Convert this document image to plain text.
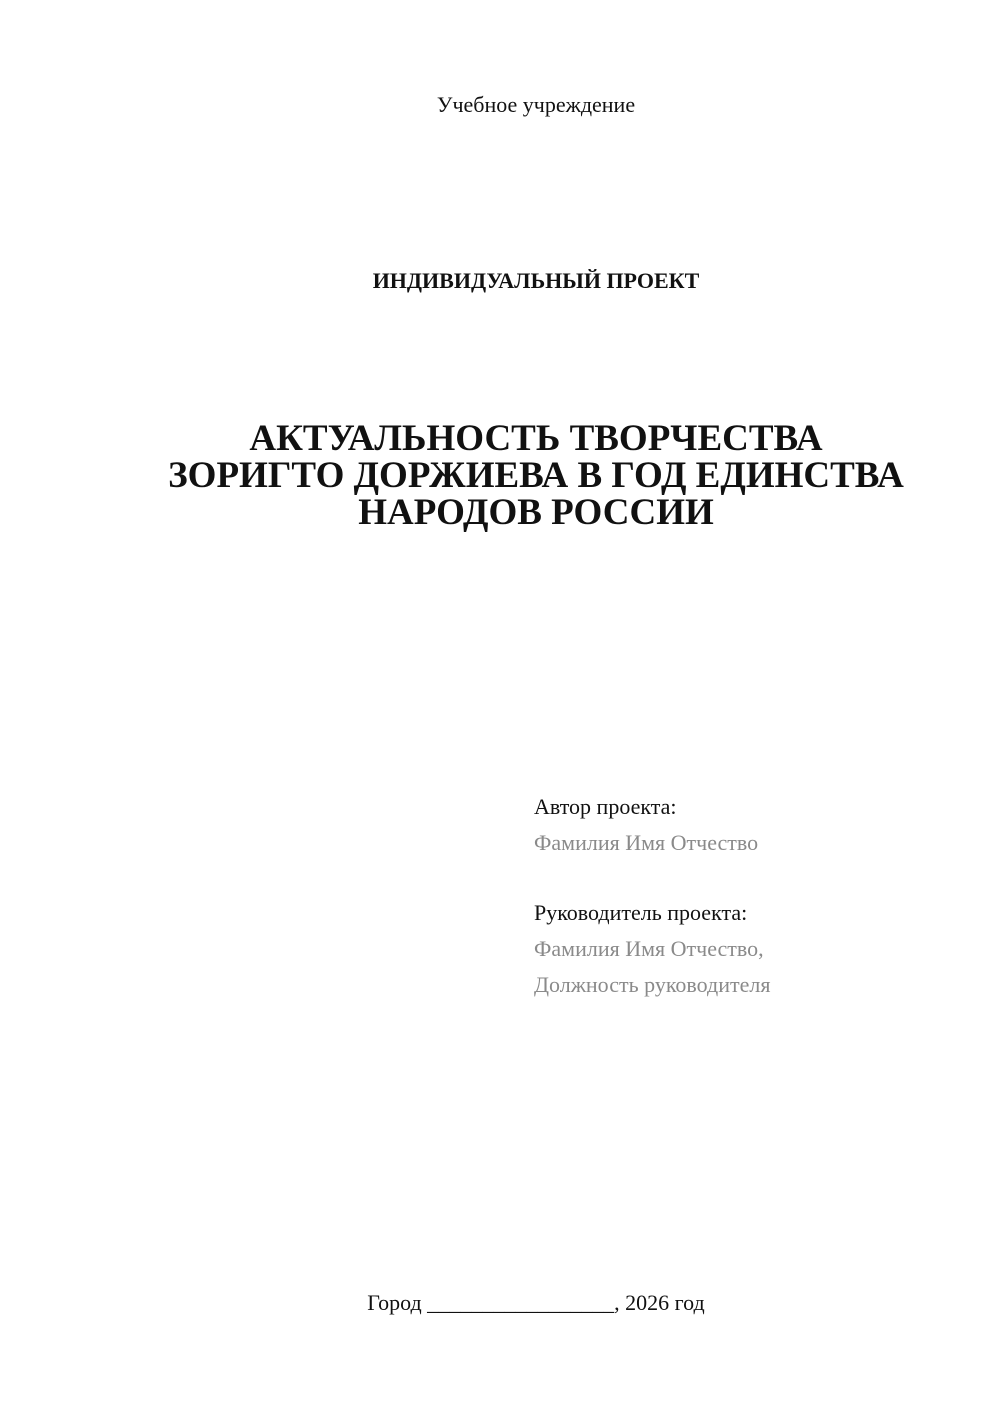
Учебное учреждение
ИНДИВИДУАЛЬНЫЙ ПРОЕКТ
АКТУАЛЬНОСТЬ ТВОРЧЕСТВА
ЗОРИГТО ДОРЖИЕВА В ГОД ЕДИНСТВА
НАРОДОВ РОССИИ
Автор проекта:
Фамилия Имя Отчество
Руководитель проекта:
Фамилия Имя Отчество,
Должность руководителя
Город _________________, 2026 год
